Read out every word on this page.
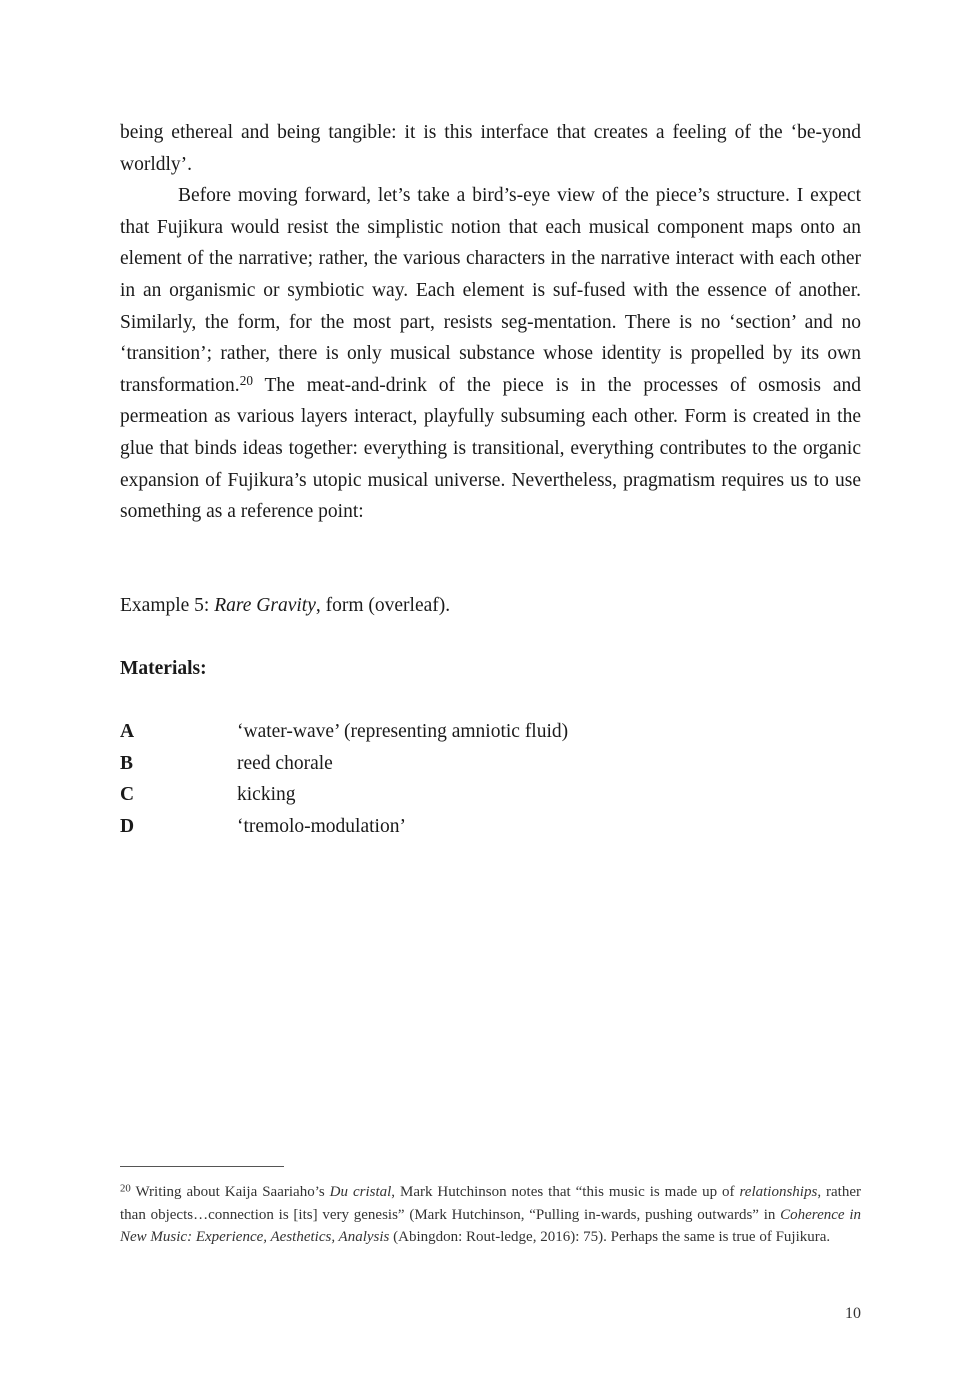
being ethereal and being tangible: it is this interface that creates a feeling of the ‘be-yond worldly’.

Before moving forward, let’s take a bird’s-eye view of the piece’s structure. I expect that Fujikura would resist the simplistic notion that each musical component maps onto an element of the narrative; rather, the various characters in the narrative interact with each other in an organismic or symbiotic way. Each element is suf-fused with the essence of another. Similarly, the form, for the most part, resists seg-mentation. There is no ‘section’ and no ‘transition’; rather, there is only musical substance whose identity is propelled by its own transformation.$^{20}$ The meat-and-drink of the piece is in the processes of osmosis and permeation as various layers interact, playfully subsuming each other. Form is created in the glue that binds ideas together: everything is transitional, everything contributes to the organic expansion of Fujikura’s utopic musical universe. Nevertheless, pragmatism requires us to use something as a reference point:

Example 5: Rare Gravity, form (overleaf).
Materials:
A	‘water-wave’ (representing amniotic fluid)
B	reed chorale
C	kicking
D	‘tremolo-modulation’
$^{20}$ Writing about Kaija Saariaho’s Du cristal, Mark Hutchinson notes that “this music is made up of relationships, rather than objects…connection is [its] very genesis” (Mark Hutchinson, “Pulling in-wards, pushing outwards” in Coherence in New Music: Experience, Aesthetics, Analysis (Abingdon: Rout-ledge, 2016): 75). Perhaps the same is true of Fujikura.
10
